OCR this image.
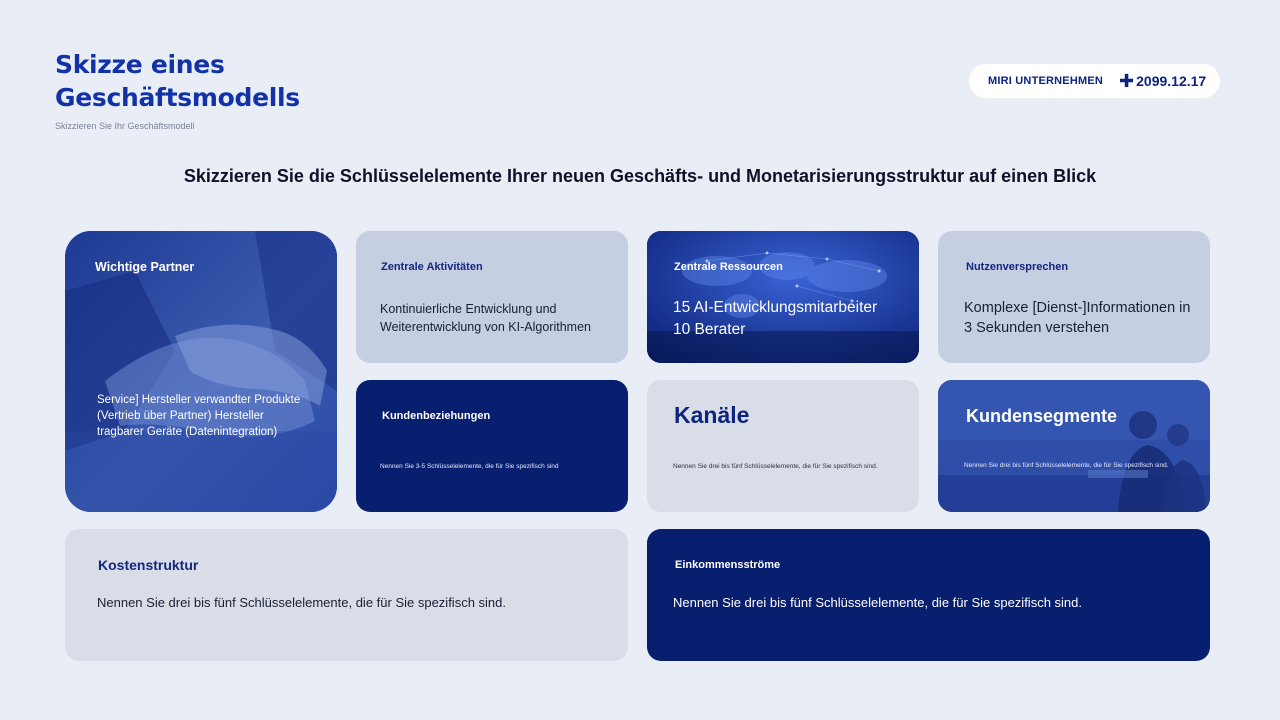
Skizze eines Geschäftsmodells
Skizzieren Sie Ihr Geschäftsmodell
MIRI UNTERNEHMEN ✚ 2099.12.17
Skizzieren Sie die Schlüsselelemente Ihrer neuen Geschäfts- und Monetarisierungsstruktur auf einen Blick
Wichtige Partner
Service] Hersteller verwandter Produkte (Vertrieb über Partner) Hersteller tragbarer Geräte (Datenintegration)
Zentrale Aktivitäten
Kontinuierliche Entwicklung und Weiterentwicklung von KI-Algorithmen
Zentrale Ressourcen
15 AI-Entwicklungsmitarbeiter
10 Berater
Nutzenversprechen
Komplexe [Dienst-]Informationen in 3 Sekunden verstehen
Kundenbeziehungen
Nennen Sie 3-5 Schlüsselelemente, die für Sie spezifisch sind
Kanäle
Nennen Sie drei bis fünf Schlüsselelemente, die für Sie spezifisch sind.
Kundensegmente
Nennen Sie drei bis fünf Schlüsselelemente, die für Sie spezifisch sind.
Kostenstruktur
Nennen Sie drei bis fünf Schlüsselelemente, die für Sie spezifisch sind.
Einkommensströme
Nennen Sie drei bis fünf Schlüsselelemente, die für Sie spezifisch sind.
